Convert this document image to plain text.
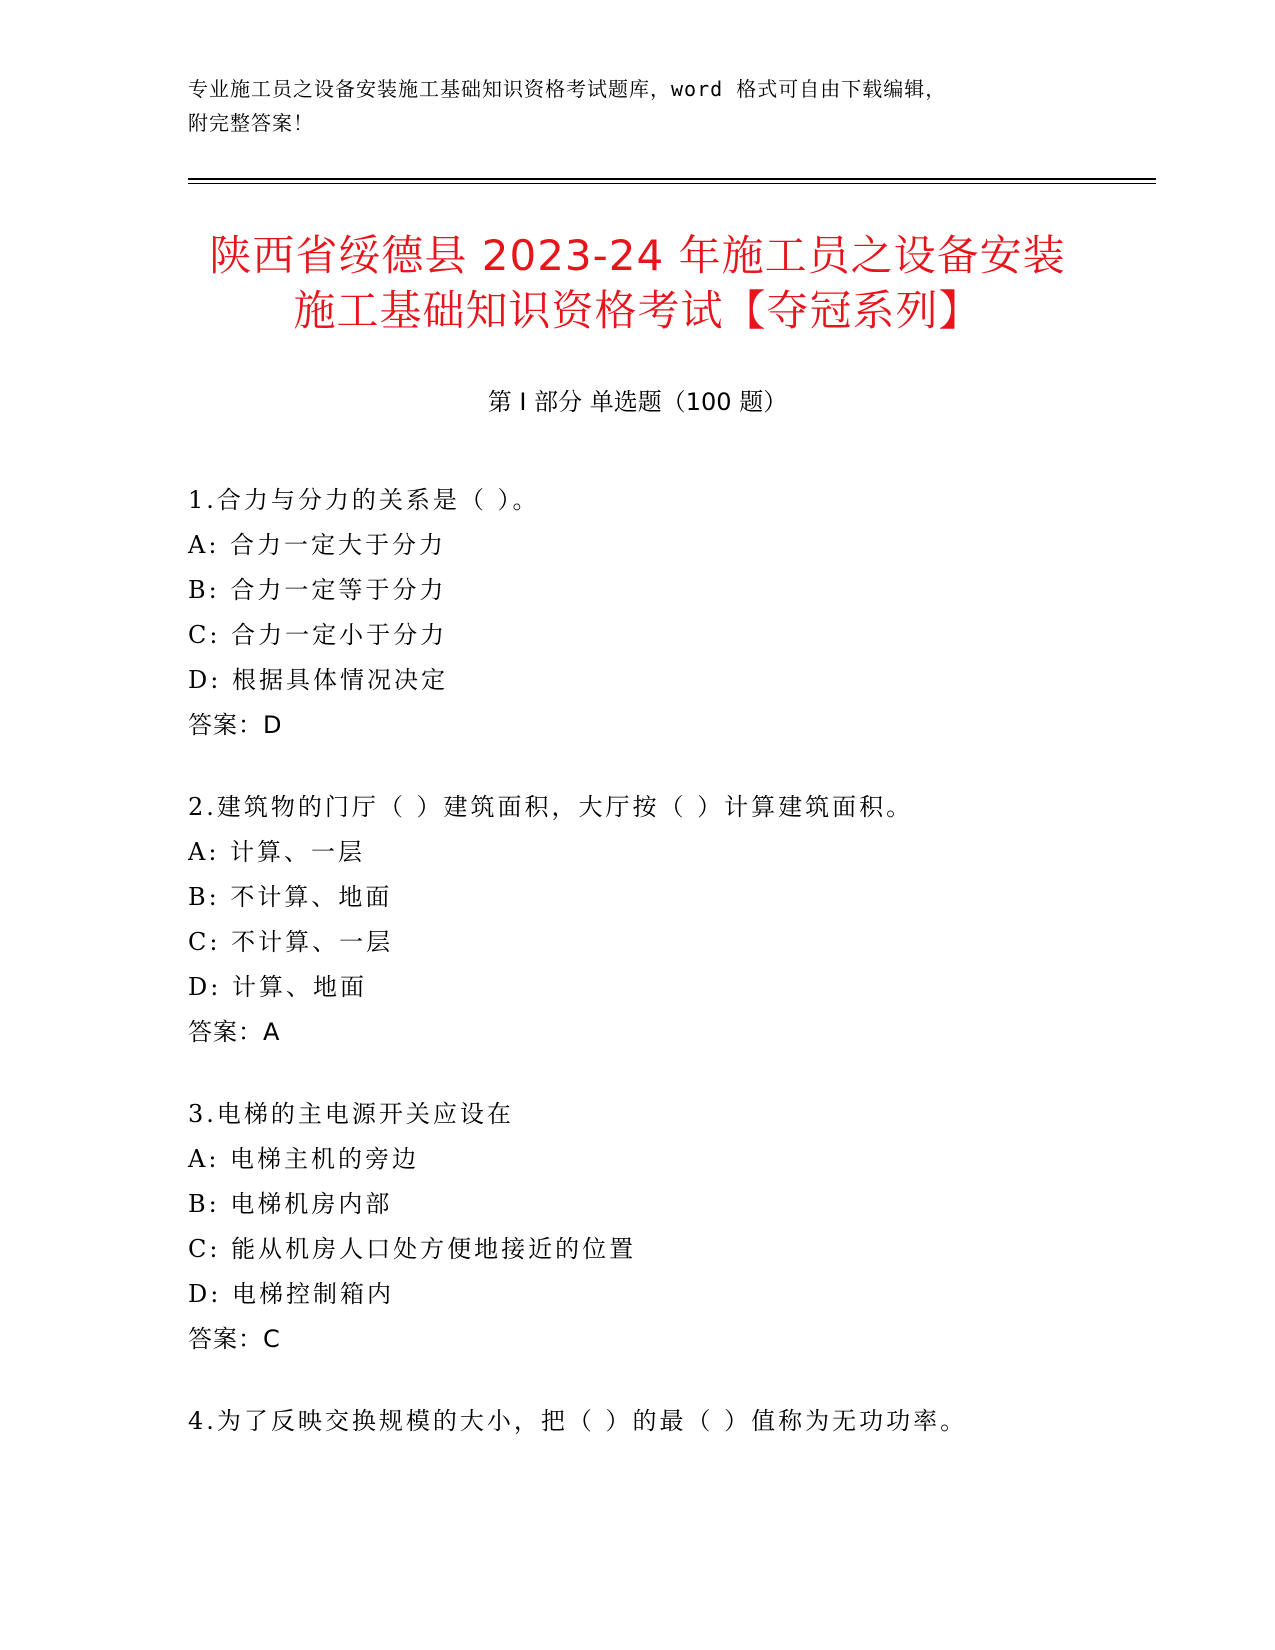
专业施工员之设备安装施工基础知识资格考试题库，word 格式可自由下载编辑，
附完整答案！
陕西省绥德县 2023-24 年施工员之设备安装
施工基础知识资格考试【夺冠系列】
第 I 部分 单选题（100 题）
1.合力与分力的关系是（ ）。
A: 合力一定大于分力
B: 合力一定等于分力
C: 合力一定小于分力
D: 根据具体情况决定
答案：D
2.建筑物的门厅（ ）建筑面积，大厅按（ ）计算建筑面积。
A: 计算、一层
B: 不计算、地面
C: 不计算、一层
D: 计算、地面
答案：A
3.电梯的主电源开关应设在
A: 电梯主机的旁边
B: 电梯机房内部
C: 能从机房人口处方便地接近的位置
D: 电梯控制箱内
答案：C
4.为了反映交换规模的大小，把（ ）的最（ ）值称为无功功率。
